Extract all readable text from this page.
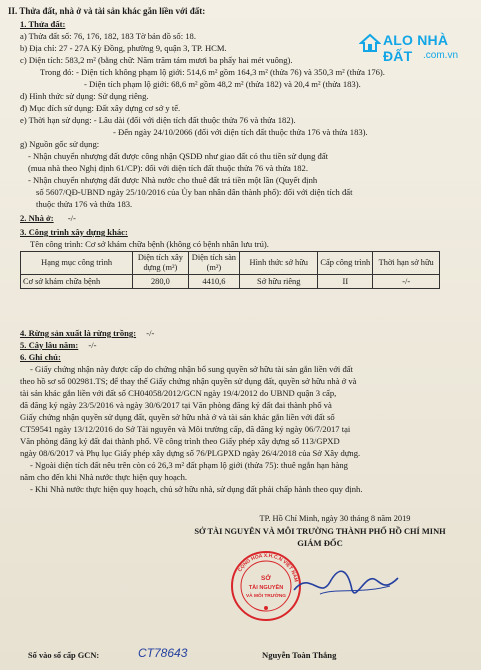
ALO NHÀ ĐẤT	.com.vn
II. Thửa đất, nhà ở và tài sản khác gắn liền với đất:
1. Thửa đất:
a) Thửa đất số: 76, 176, 182, 183 Tờ bản đồ số: 18.
b) Địa chỉ: 27 - 27A Kỳ Đồng, phường 9, quận 3, TP. HCM.
c) Diện tích: 583,2 m² (bằng chữ: Năm trăm tám mươi ba phẩy hai mét vuông).
Trong đó: - Diện tích không phạm lộ giới: 514,6 m² gồm 164,3 m² (thửa 76) và 350,3 m² (thửa 176).
- Diện tích phạm lộ giới: 68,6 m² gồm 48,2 m² (thửa 182) và 20,4 m² (thửa 183).
d) Hình thức sử dụng: Sử dụng riêng.
đ) Mục đích sử dụng: Đất xây dựng cơ sở y tế.
e) Thời hạn sử dụng: - Lâu dài (đối với diện tích đất thuộc thửa 76 và thửa 182).
- Đến ngày 24/10/2066 (đối với diện tích đất thuộc thửa 176 và thửa 183).
g) Nguồn gốc sử dụng:
- Nhận chuyển nhượng đất được công nhận QSDĐ như giao đất có thu tiền sử dụng đất
(mua nhà theo Nghị định 61/CP): đối với diện tích đất thuộc thửa 76 và thửa 182.
- Nhận chuyển nhượng đất được Nhà nước cho thuê đất trả tiền một lần (Quyết định
số 5607/QĐ-UBND ngày 25/10/2016 của Ủy ban nhân dân thành phố): đối với diện tích đất
thuộc thửa 176 và thửa 183.
2. Nhà ở: -/-
3. Công trình xây dựng khác:
Tên công trình: Cơ sở khám chữa bệnh (không có bệnh nhân lưu trú).
Hạng mục công trình	Diện tích xây dựng (m²)	Diện tích sàn (m²)	Hình thức sở hữu	Cấp công trình	Thời hạn sở hữu
Cơ sở khám chữa bệnh	280,0	4410,6	Sở hữu riêng	II	-/-
4. Rừng sản xuất là rừng trồng: -/-
5. Cây lâu năm: -/-
6. Ghi chú:
- Giấy chứng nhận này được cấp do chứng nhận bổ sung quyền sở hữu tài sản gắn liền với đất
theo hồ sơ số 002981.TS; để thay thế Giấy chứng nhận quyền sử dụng đất, quyền sở hữu nhà ở và
tài sản khác gắn liền với đất số CH04058/2012/GCN ngày 19/4/2012 do UBND quận 3 cấp,
đã đăng ký ngày 23/5/2016 và ngày 30/6/2017 tại Văn phòng đăng ký đất đai thành phố và
Giấy chứng nhận quyền sử dụng đất, quyền sở hữu nhà ở và tài sản khác gắn liền với đất số
CT59541 ngày 13/12/2016 do Sở Tài nguyên và Môi trường cấp, đã đăng ký ngày 06/7/2017 tại
Văn phòng đăng ký đất đai thành phố. Về công trình theo Giấy phép xây dựng số 113/GPXD
ngày 08/6/2017 và Phụ lục Giấy phép xây dựng số 76/PLGPXD ngày 26/4/2018 của Sở Xây dựng.
- Ngoài diện tích đất nêu trên còn có 26,3 m² đất phạm lộ giới (thửa 75): thuê ngắn hạn hàng
năm cho đến khi Nhà nước thực hiện quy hoạch.
- Khi Nhà nước thực hiện quy hoạch, chủ sở hữu nhà, sử dụng đất phải chấp hành theo quy định.
TP. Hồ Chí Minh, ngày 30 tháng 8 năm 2019
SỞ TÀI NGUYÊN VÀ MÔI TRƯỜNG THÀNH PHỐ HỒ CHÍ MINH
GIÁM ĐỐC
CỘNG HÒA X.H.C.N VIỆT NAM
SỞ
TÀI NGUYÊN
VÀ MÔI TRƯỜNG
Số vào sổ cấp GCN:	CT78643	Nguyễn Toàn Thắng
